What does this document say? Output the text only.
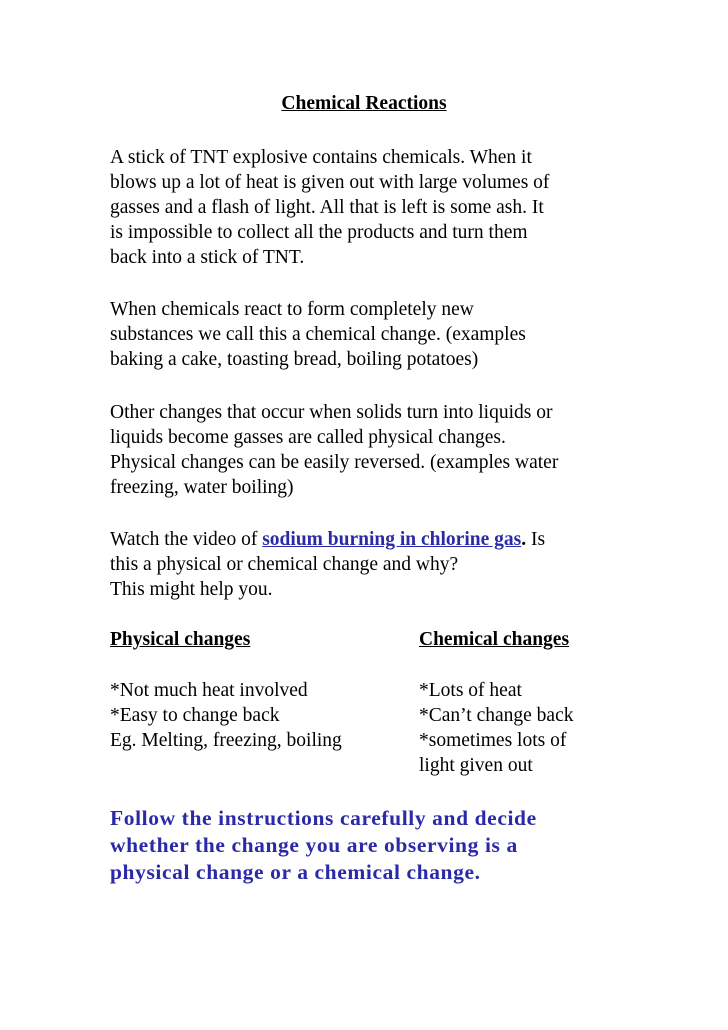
Chemical Reactions

A stick of TNT explosive contains chemicals. When it
blows up a lot of heat is given out with large volumes of
gasses and a flash of light. All that is left is some ash. It
is impossible to collect all the products and turn them
back into a stick of TNT.

When chemicals react to form completely new
substances we call this a chemical change. (examples
baking a cake, toasting bread, boiling potatoes)

Other changes that occur when solids turn into liquids or
liquids become gasses are called physical changes.
Physical changes can be easily reversed. (examples water
freezing, water boiling)

Watch the video of sodium burning in chlorine gas. Is
this a physical or chemical change and why?
This might help you.

Physical changes	Chemical changes
*Not much heat involved
*Easy to change back
Eg. Melting, freezing, boiling
*Lots of heat
*Can’t change back
*sometimes lots of
light given out

Follow the instructions carefully and decide
whether the change you are observing is a
physical change or a chemical change.
